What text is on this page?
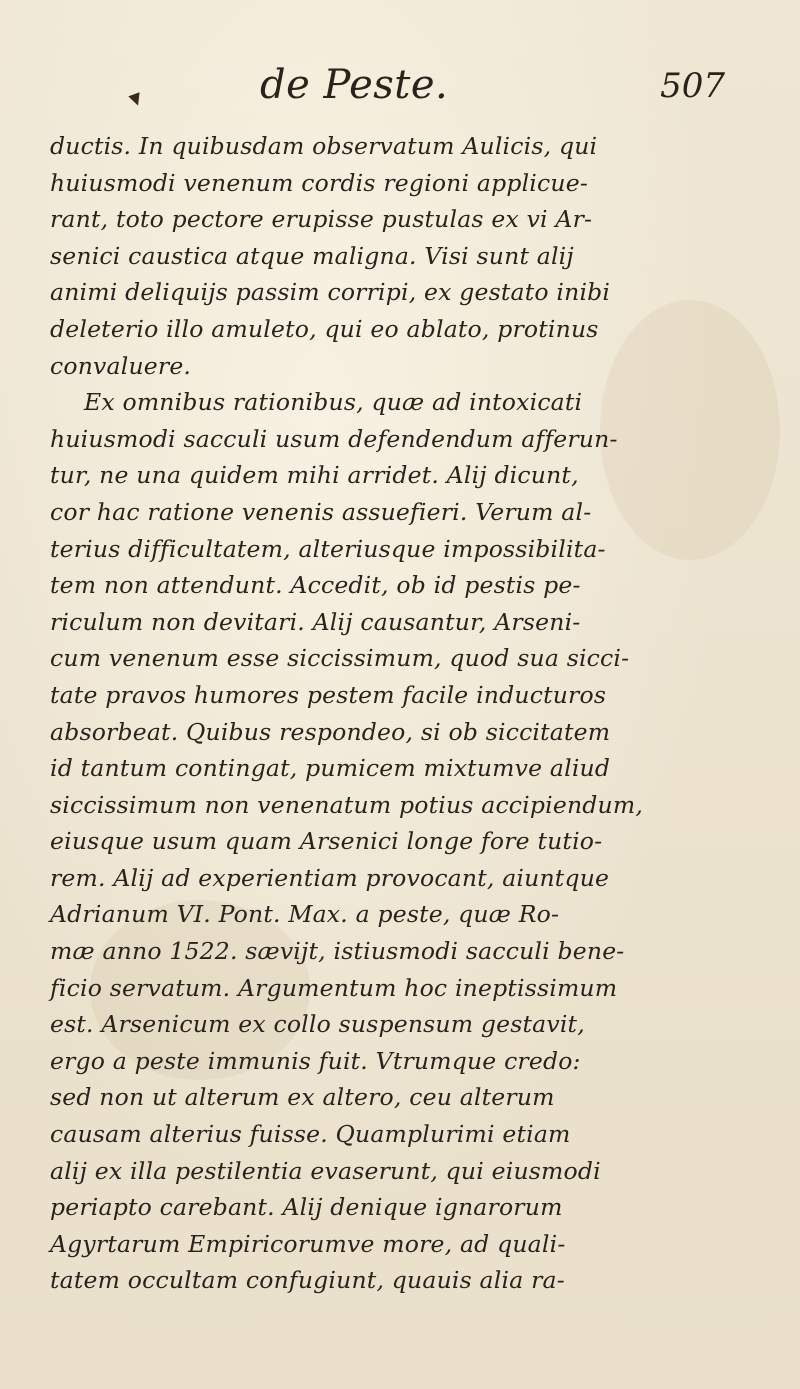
de Peste.	507
ductis. In quibusdam observatum Aulicis, qui
huiusmodi venenum cordis regioni applicue-
rant, toto pectore erupisse pustulas ex vi Ar-
senici caustica atque maligna. Visi sunt alij
animi deliquijs passim corripi, ex gestato inibi
deleterio illo amuleto, qui eo ablato, protinus
convaluere.
Ex omnibus rationibus, quæ ad intoxicati
huiusmodi sacculi usum defendendum afferun-
tur, ne una quidem mihi arridet. Alij dicunt,
cor hac ratione venenis assuefieri. Verum al-
terius difficultatem, alteriusque impossibilita-
tem non attendunt. Accedit, ob id pestis pe-
riculum non devitari. Alij causantur, Arseni-
cum venenum esse siccissimum, quod sua sicci-
tate pravos humores pestem facile inducturos
absorbeat. Quibus respondeo, si ob siccitatem
id tantum contingat, pumicem mixtumve aliud
siccissimum non venenatum potius accipiendum,
eiusque usum quam Arsenici longe fore tutio-
rem. Alij ad experientiam provocant, aiuntque
Adrianum VI. Pont. Max. a peste, quæ Ro-
mæ anno 1522. sævijt, istiusmodi sacculi bene-
ficio servatum. Argumentum hoc ineptissimum
est. Arsenicum ex collo suspensum gestavit,
ergo a peste immunis fuit. Vtrumque credo:
sed non ut alterum ex altero, ceu alterum
causam alterius fuisse. Quamplurimi etiam
alij ex illa pestilentia evaserunt, qui eiusmodi
periapto carebant. Alij denique ignarorum
Agyrtarum Empiricorumve more, ad quali-
tatem occultam confugiunt, quauis alia ra-
